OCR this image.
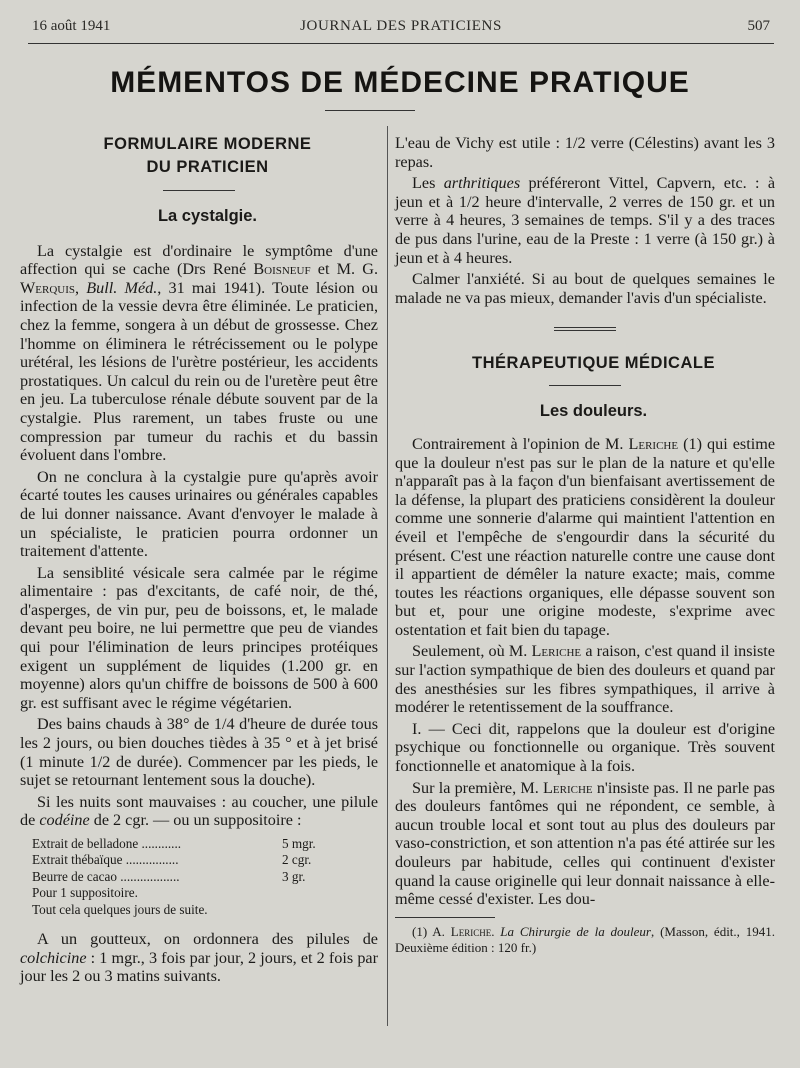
16 août 1941	JOURNAL DES PRATICIENS	507
MÉMENTOS DE MÉDECINE PRATIQUE

FORMULAIRE MODERNE

DU PRATICIEN

La cystalgie.

La cystalgie est d'ordinaire le symptôme d'une affection qui se cache (Drs René Boisneuf et M. G. Werquis, Bull. Méd., 31 mai 1941). Toute lésion ou infection de la vessie devra être éliminée. Le praticien, chez la femme, songera à un début de grossesse. Chez l'homme on éliminera le rétrécissement ou le polype urétéral, les lésions de l'urètre postérieur, les accidents prostatiques. Un calcul du rein ou de l'uretère peut être en jeu. La tuberculose rénale débute souvent par de la cystalgie. Plus rarement, un tabes fruste ou une compression par tumeur du rachis et du bassin évoluent dans l'ombre.

On ne conclura à la cystalgie pure qu'après avoir écarté toutes les causes urinaires ou générales capables de lui donner naissance. Avant d'envoyer le malade à un spécialiste, le praticien pourra ordonner un traitement d'attente.

La sensiblité vésicale sera calmée par le régime alimentaire : pas d'excitants, de café noir, de thé, d'asperges, de vin pur, peu de boissons, et, le malade devant peu boire, ne lui permettre que peu de viandes qui pour l'élimination de leurs principes protéiques exigent un supplément de liquides (1.200 gr. en moyenne) alors qu'un chiffre de boissons de 500 à 600 gr. est suffisant avec le régime végétarien.

Des bains chauds à 38° de 1/4 d'heure de durée tous les 2 jours, ou bien douches tièdes à 35 ° et à jet brisé (1 minute 1/2 de durée). Commencer par les pieds, le sujet se retournant lentement sous la douche).

Si les nuits sont mauvaises : au coucher, une pilule de codéine de 2 cgr. — ou un suppositoire :

Extrait de belladone ............	5 mgr.
Extrait thébaïque ................	2 cgr.
Beurre de cacao ..................	3 gr.
Pour 1 suppositoire.
Tout cela quelques jours de suite.

A un goutteux, on ordonnera des pilules de colchicine : 1 mgr., 3 fois par jour, 2 jours, et 2 fois par jour les 2 ou 3 matins suivants.

L'eau de Vichy est utile : 1/2 verre (Célestins) avant les 3 repas.

Les arthritiques préféreront Vittel, Capvern, etc. : à jeun et à 1/2 heure d'intervalle, 2 verres de 150 gr. et un verre à 4 heures, 3 semaines de temps. S'il y a des traces de pus dans l'urine, eau de la Preste : 1 verre (à 150 gr.) à jeun et à 4 heures.

Calmer l'anxiété. Si au bout de quelques semaines le malade ne va pas mieux, demander l'avis d'un spécialiste.

THÉRAPEUTIQUE MÉDICALE

Les douleurs.

Contrairement à l'opinion de M. Leriche (1) qui estime que la douleur n'est pas sur le plan de la nature et qu'elle n'apparaît pas à la façon d'un bienfaisant avertissement de la défense, la plupart des praticiens considèrent la douleur comme une sonnerie d'alarme qui maintient l'attention en éveil et l'empêche de s'engourdir dans la sécurité du présent. C'est une réaction naturelle contre une cause dont il appartient de démêler la nature exacte; mais, comme toutes les réactions organiques, elle dépasse souvent son but et, pour une origine modeste, s'exprime avec ostentation et fait bien du tapage.

Seulement, où M. Leriche a raison, c'est quand il insiste sur l'action sympathique de bien des douleurs et quand par des anesthésies sur les fibres sympathiques, il arrive à modérer le retentissement de la souffrance.

I. — Ceci dit, rappelons que la douleur est d'origine psychique ou fonctionnelle ou organique. Très souvent fonctionnelle et anatomique à la fois.

Sur la première, M. Leriche n'insiste pas. Il ne parle pas des douleurs fantômes qui ne répondent, ce semble, à aucun trouble local et sont tout au plus des douleurs par vaso-constriction, et son attention n'a pas été attirée sur les douleurs par habitude, celles qui continuent d'exister quand la cause originelle qui leur donnait naissance à elle-même cessé d'exister. Les dou-

(1) A. Leriche. La Chirurgie de la douleur, (Masson, édit., 1941. Deuxième édition : 120 fr.)
